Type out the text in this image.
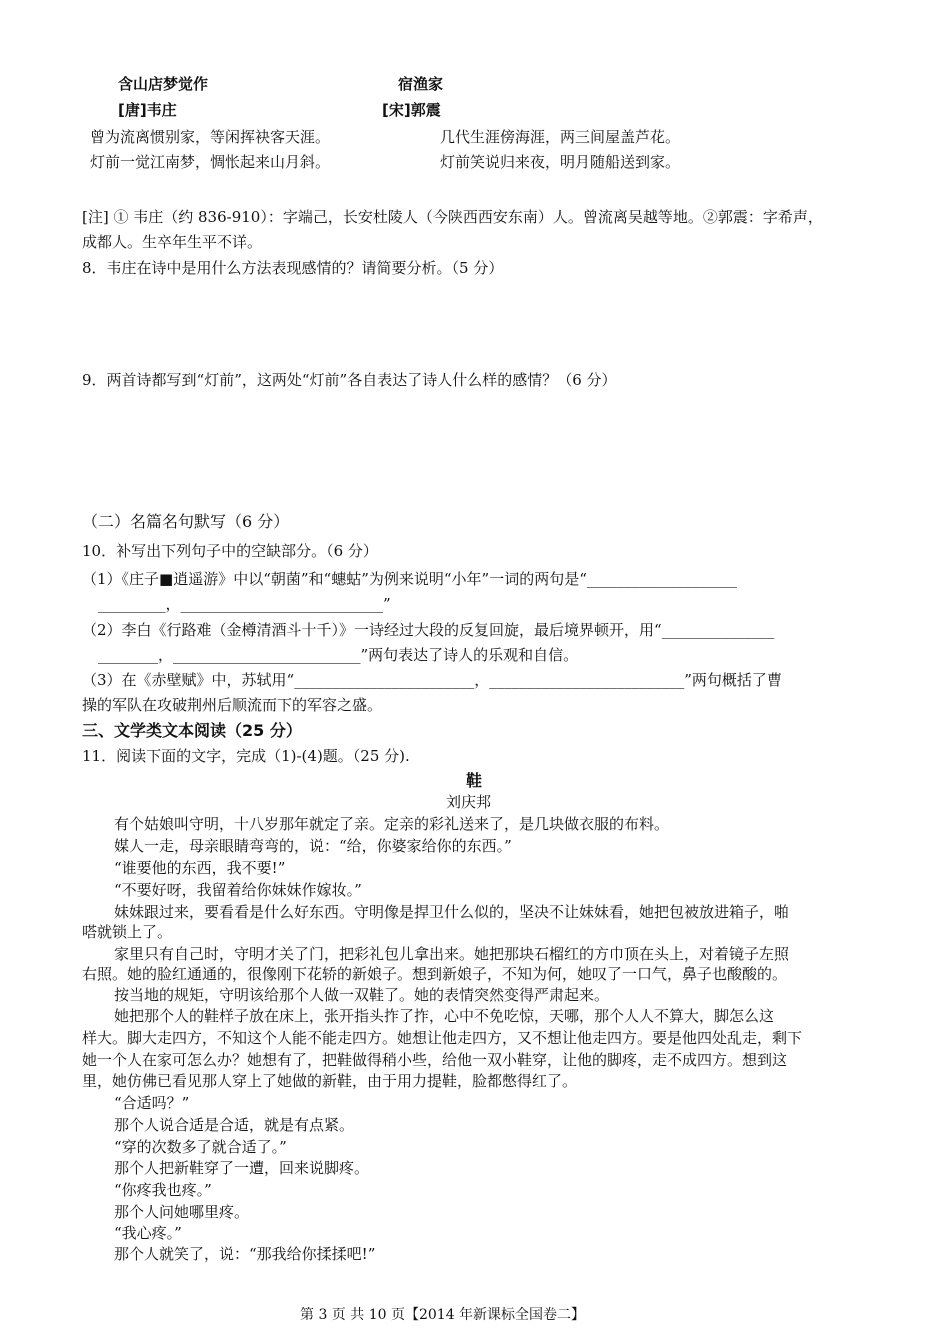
含山店梦觉作	宿渔家
[唐]韦庄	[宋]郭震
曾为流离惯别家，等闲挥袂客天涯。	几代生涯傍海涯，两三间屋盖芦花。
灯前一觉江南梦，惆怅起来山月斜。	灯前笑说归来夜，明月随船送到家。
[注] ① 韦庄（约 836-910）：字端己，长安杜陵人（今陕西西安东南）人。曾流离吴越等地。②郭震：字希声，
成都人。生卒年生平不详。
8．韦庄在诗中是用什么方法表现感情的？请简要分析。（5 分）
9．两首诗都写到“灯前”，这两处“灯前”各自表达了诗人什么样的感情？（6 分）
（二）名篇名句默写（6 分）
10．补写出下列句子中的空缺部分。（6 分）
（1）《庄子■逍遥游》中以“朝菌”和“蟪蛄”为例来说明“小年”一词的两句是“____________________
_________，___________________________”
（2）李白《行路难（金樽清酒斗十千）》一诗经过大段的反复回旋，最后境界顿开，用“_______________
________，_________________________”两句表达了诗人的乐观和自信。
（3）在《赤壁赋》中，苏轼用“________________________，__________________________”两句概括了曹
操的军队在攻破荆州后顺流而下的军容之盛。
三、文学类文本阅读（25 分）
11．阅读下面的文字，完成（1)-(4)题。（25 分).
鞋
刘庆邦
有个姑娘叫守明，十八岁那年就定了亲。定亲的彩礼送来了，是几块做衣服的布料。
媒人一走，母亲眼睛弯弯的，说：“给，你婆家给你的东西。”
“谁要他的东西，我不要!”
“不要好呀，我留着给你妹妹作嫁妆。”
妹妹跟过来，要看看是什么好东西。守明像是捍卫什么似的，坚决不让妹妹看，她把包被放进箱子，啪
嗒就锁上了。
家里只有自己时，守明才关了门，把彩礼包儿拿出来。她把那块石榴红的方巾顶在头上，对着镜子左照
右照。她的脸红通通的，很像刚下花轿的新娘子。想到新娘子，不知为何，她叹了一口气，鼻子也酸酸的。
按当地的规矩，守明该给那个人做一双鞋了。她的表情突然变得严肃起来。
她把那个人的鞋样子放在床上，张开指头拃了拃，心中不免吃惊，天哪，那个人人不算大，脚怎么这
样大。脚大走四方，不知这个人能不能走四方。她想让他走四方，又不想让他走四方。要是他四处乱走，剩下
她一个人在家可怎么办？她想有了，把鞋做得稍小些，给他一双小鞋穿，让他的脚疼，走不成四方。想到这
里，她仿佛已看见那人穿上了她做的新鞋，由于用力提鞋，脸都憋得红了。
“合适吗？”
那个人说合适是合适，就是有点紧。
“穿的次数多了就合适了。”
那个人把新鞋穿了一遭，回来说脚疼。
“你疼我也疼。”
那个人问她哪里疼。
“我心疼。”
那个人就笑了，说：“那我给你揉揉吧!”
第 3 页 共 10 页【2014 年新课标全国卷二】
